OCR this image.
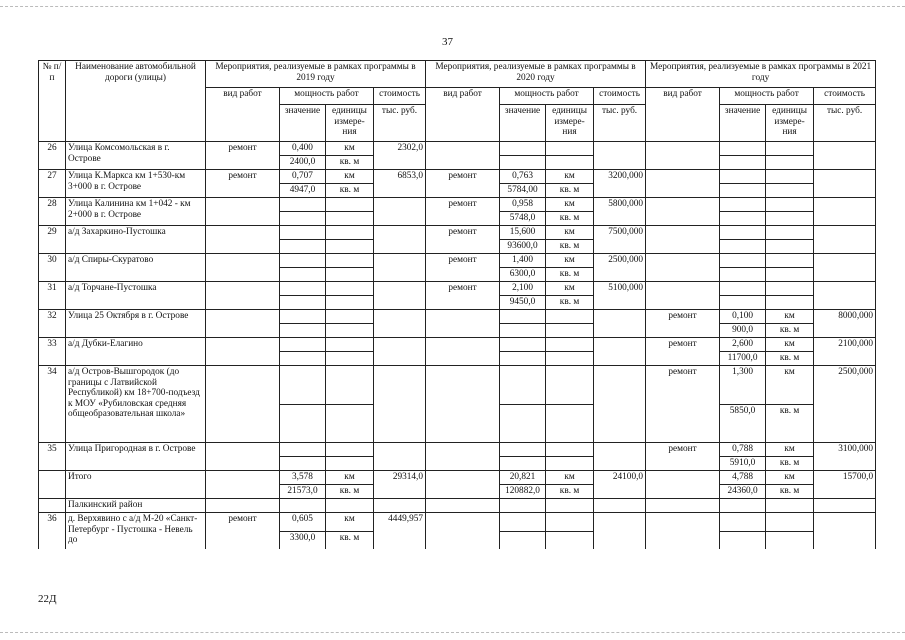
37
№ п/п	Наименование автомобильной дороги (улицы)	Мероприятия, реализуемые в рамках программы в 2019 году				Мероприятия, реализуемые в рамках программы в 2020 году				Мероприятия, реализуемые в рамках программы в 2021 году			
		вид работ	мощность работ		стоимость	вид работ	мощность работ		стоимость	вид работ	мощность работ		стоимость
			значение	единицы измере-ния	тыс. руб.		значение	единицы измере-ния	тыс. руб.		значение	единицы измере-ния	тыс. руб.
26	Улица Комсомольская в г. Острове	ремонт	0,400	км	2302,0								
			2400,0	кв. м									
27	Улица К.Маркса км 1+530-км 3+000 в г. Острове	ремонт	0,707	км	6853,0	ремонт	0,763	км	3200,000				
			4947,0	кв. м			5784,00	кв. м					
28	Улица Калинина км 1+042 - км 2+000 в г. Острове					ремонт	0,958	км	5800,000				
							5748,0	кв. м					
29	а/д Захаркино-Пустошка					ремонт	15,600	км	7500,000				
							93600,0	кв. м					
30	а/д Спиры-Скуратово					ремонт	1,400	км	2500,000				
							6300,0	кв. м					
31	а/д Торчане-Пустошка					ремонт	2,100	км	5100,000				
							9450,0	кв. м					
32	Улица 25 Октября в г. Острове									ремонт	0,100	км	8000,000
											900,0	кв. м	
33	а/д Дубки-Елагино									ремонт	2,600	км	2100,000
											11700,0	кв. м	
34	а/д Остров-Вышгородок (до границы с Латвийской Республикой) км 18+700-подъезд к МОУ «Рубиловская средняя общеобразовательная школа»									ремонт	1,300	км	2500,000
											5850,0	кв. м	
35	Улица Пригородная в г. Острове									ремонт	0,788	км	3100,000
											5910,0	кв. м	
	Итого		3,578	км	29314,0		20,821	км	24100,0		4,788	км	15700,0
			21573,0	кв. м			120882,0	кв. м			24360,0	кв. м	
	Палкинский район												
36	д. Верхявино с а/д М-20 «Санкт-Петербург - Пустошка - Невель до	ремонт	0,605	км	4449,957								
			3300,0	кв. м									
22Д
